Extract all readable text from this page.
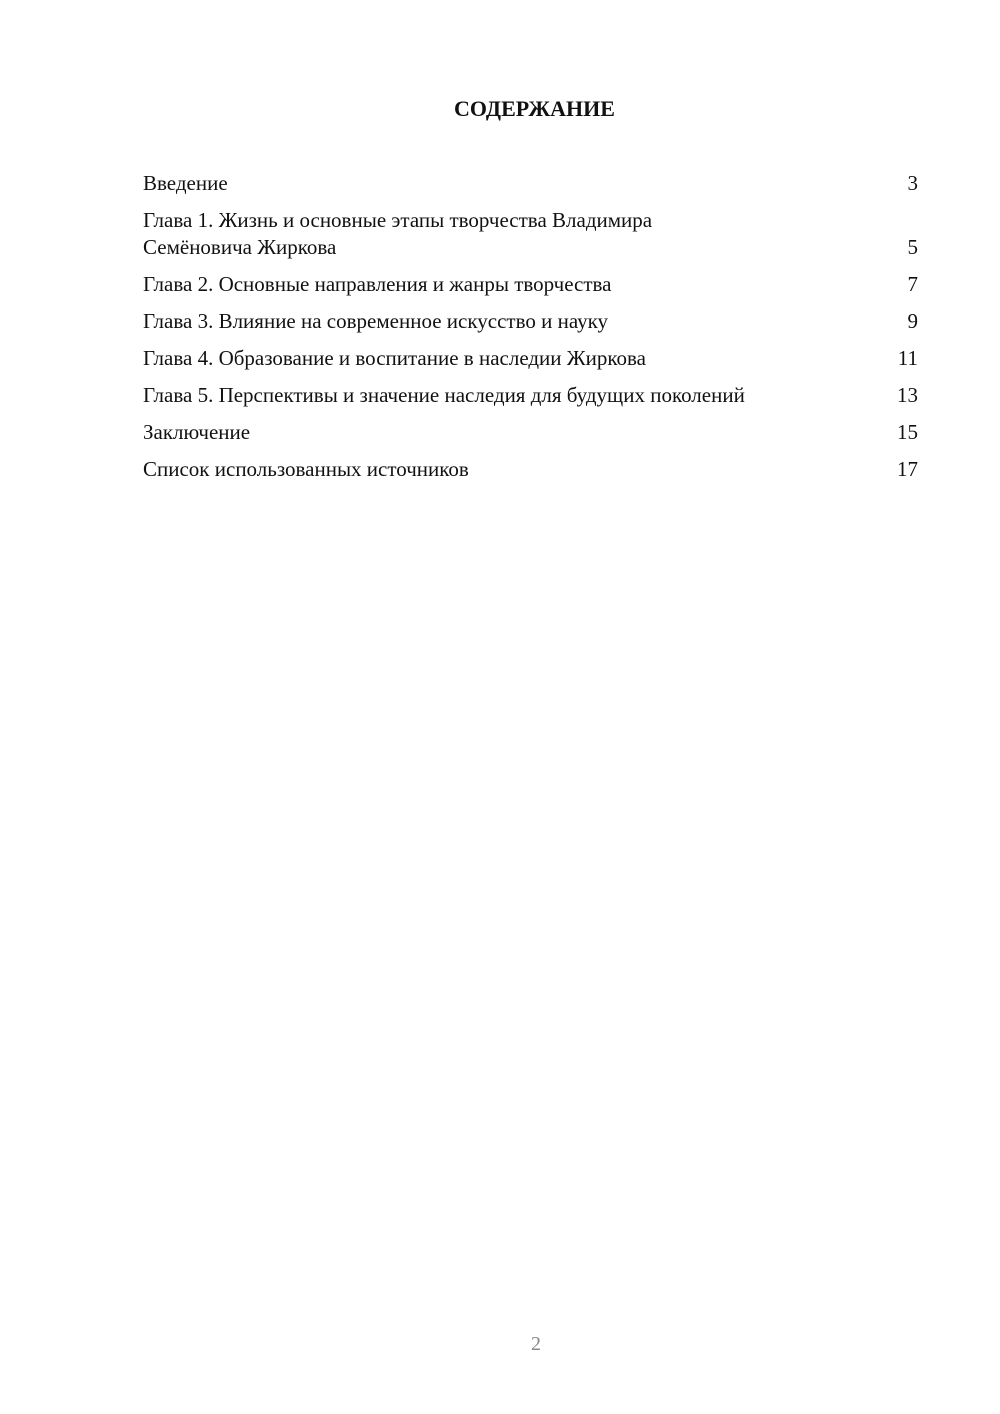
СОДЕРЖАНИЕ
Введение	3
Глава 1. Жизнь и основные этапы творчества Владимира Семёновича Жиркова	5
Глава 2. Основные направления и жанры творчества	7
Глава 3. Влияние на современное искусство и науку	9
Глава 4. Образование и воспитание в наследии Жиркова	11
Глава 5. Перспективы и значение наследия для будущих поколений	13
Заключение	15
Список использованных источников	17
2
